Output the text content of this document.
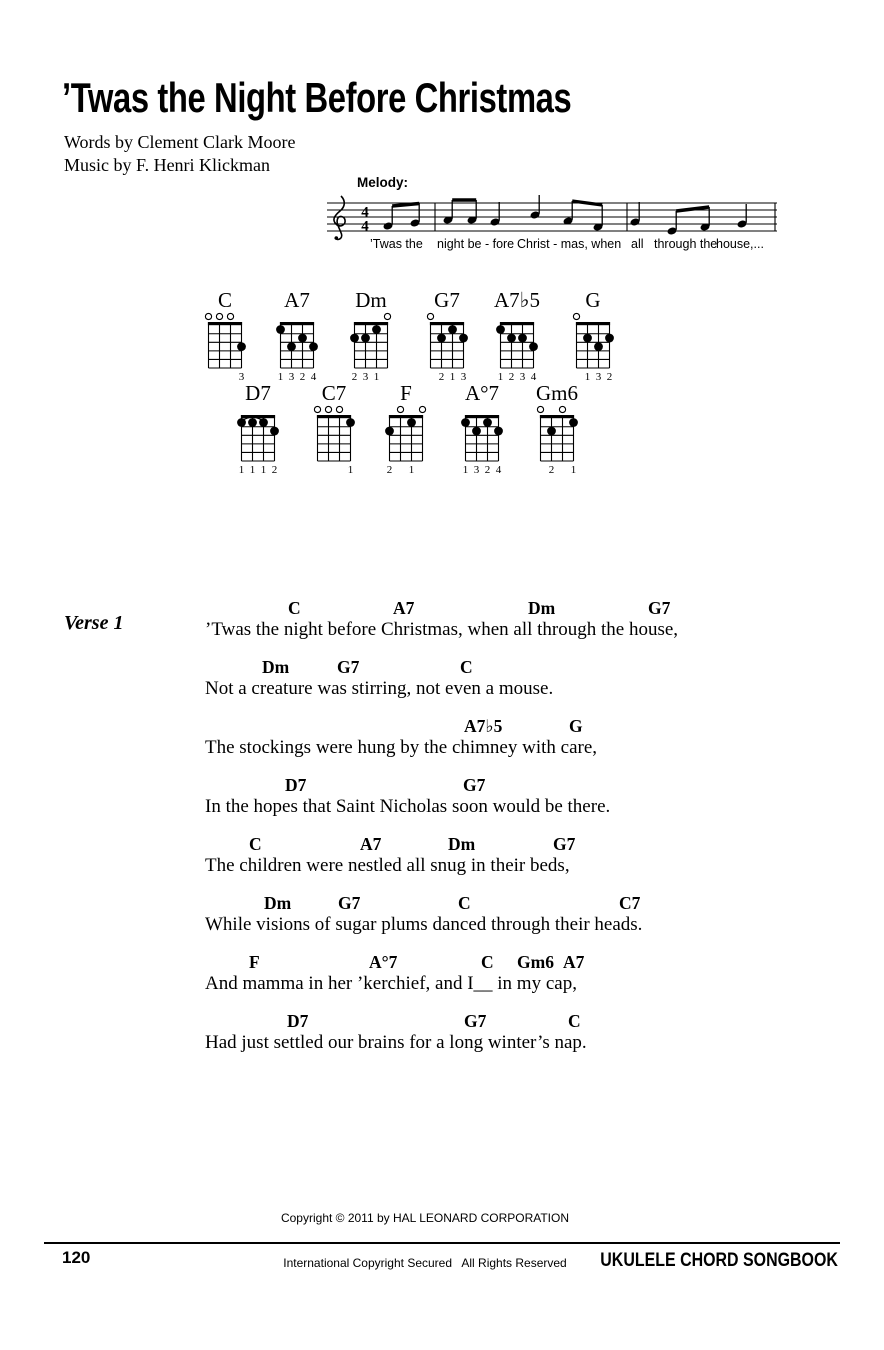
’Twas the Night Before Christmas
Words by Clement Clark Moore
Music by F. Henri Klickman
Melody:
4
4
’Twas the night be - fore Christ - mas, when all through the
house,...
C
3
A7
1 3 2 4
Dm
2 3 1
G7
2 1 3
A7♭5
1 2 3 4
G
1 3 2
D7
1 1 1 2
C7
1
F
2 1
A°7
1 3 2 4
Gm6
2 1
Verse 1
C	A7	Dm	G7
’Twas the night before Christmas, when all through the house,
Dm	G7	C
Not a creature was stirring, not even a mouse.
A7♭5	G
The stockings were hung by the chimney with care,
D7	G7
In the hopes that Saint Nicholas soon would be there.
C	A7	Dm	G7
The children were nestled all snug in their beds,
Dm	G7	C	C7
While visions of sugar plums danced through their heads.
F	A°7	C Gm6 A7
And mamma in her ’kerchief, and I__ in my cap,
D7	G7	C
Had just settled our brains for a long winter’s nap.

Copyright © 2011 by HAL LEONARD CORPORATION

International Copyright Secured   All Rights Reserved

120	UKULELE CHORD SONGBOOK
